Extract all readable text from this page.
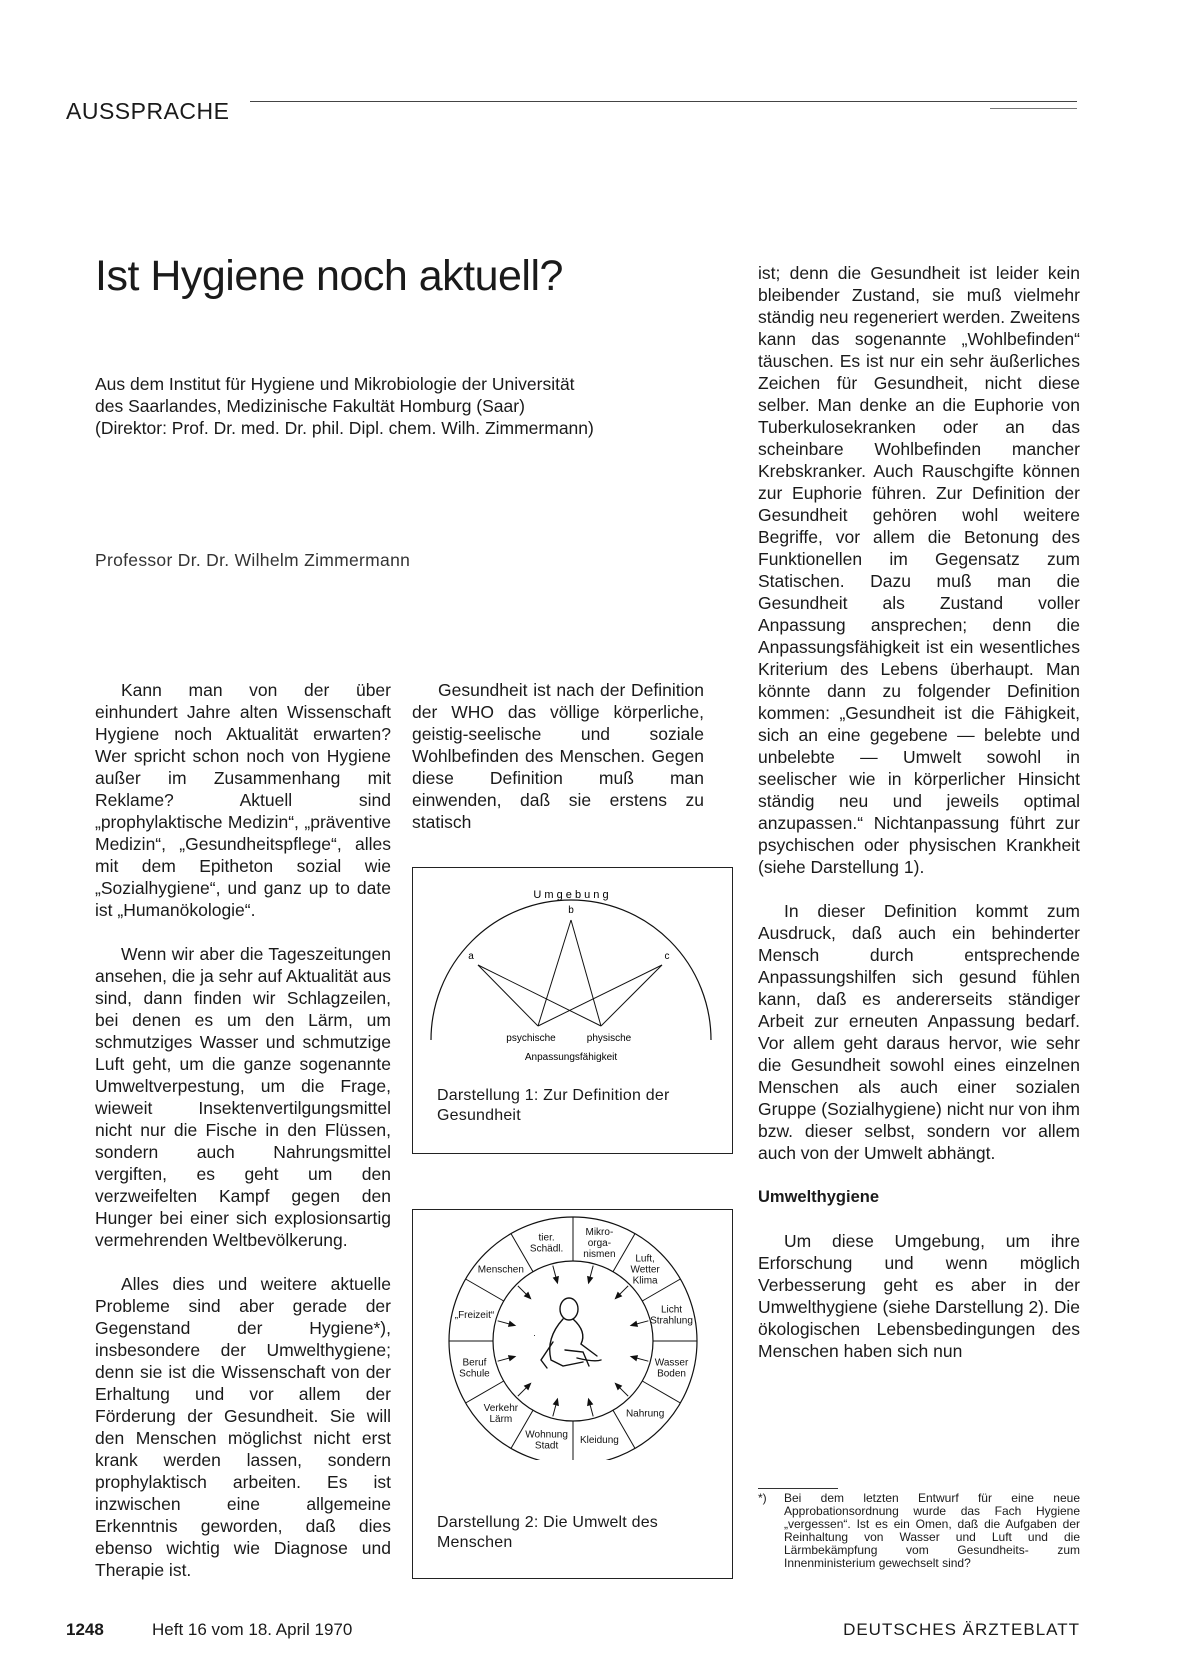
AUSSPRACHE
Ist Hygiene noch aktuell?
Aus dem Institut für Hygiene und Mikrobiologie der Universität
des Saarlandes, Medizinische Fakultät Homburg (Saar)
(Direktor: Prof. Dr. med. Dr. phil. Dipl. chem. Wilh. Zimmermann)
Professor Dr. Dr. Wilhelm Zimmermann

Kann man von der über einhundert Jahre alten Wissenschaft Hygiene noch Aktualität erwarten? Wer spricht schon noch von Hygiene außer im Zusammenhang mit Reklame? Aktuell sind „prophylaktische Medizin“, „präventive Medizin“, „Gesundheitspflege“, alles mit dem Epitheton sozial wie „Sozialhygiene“, und ganz up to date ist „Humanökologie“.

Wenn wir aber die Tageszeitungen ansehen, die ja sehr auf Aktualität aus sind, dann finden wir Schlagzeilen, bei denen es um den Lärm, um schmutziges Wasser und schmutzige Luft geht, um die ganze sogenannte Umweltverpestung, um die Frage, wieweit Insektenvertilgungsmittel nicht nur die Fische in den Flüssen, sondern auch Nahrungsmittel vergiften, es geht um den verzweifelten Kampf gegen den Hunger bei einer sich explosionsartig vermehrenden Weltbevölkerung.

Alles dies und weitere aktuelle Probleme sind aber gerade der Gegenstand der Hygiene*), insbesondere der Umwelthygiene; denn sie ist die Wissenschaft von der Erhaltung und vor allem der Förderung der Gesundheit. Sie will den Menschen möglichst nicht erst krank werden lassen, sondern prophylaktisch arbeiten. Es ist inzwischen eine allgemeine Erkenntnis geworden, daß dies ebenso wichtig wie Diagnose und Therapie ist.

Gesundheit ist nach der Definition der WHO das völlige körperliche, geistig-seelische und soziale Wohlbefinden des Menschen. Gegen diese Definition muß man einwenden, daß sie erstens zu statisch

U m g e b u n g
b
a	c
psychische	physische
Anpassungsfähigkeit
Darstellung 1: Zur Definition der
Gesundheit
Mikro-
orga-
nismen Luft,
Wetter
Klima
Licht
Strahlung
Wasser
Boden
Nahrung
Kleidung
Wohnung
Stadt
Verkehr
Lärm
Beruf
Schule
„Freizeit“
Menschen
tier.
Schädl.
·
Darstellung 2: Die Umwelt des
Menschen

ist; denn die Gesundheit ist leider kein bleibender Zustand, sie muß vielmehr ständig neu regeneriert werden. Zweitens kann das sogenannte „Wohlbefinden“ täuschen. Es ist nur ein sehr äußerliches Zeichen für Gesundheit, nicht diese selber. Man denke an die Euphorie von Tuberkulosekranken oder an das scheinbare Wohlbefinden mancher Krebskranker. Auch Rauschgifte können zur Euphorie führen. Zur Definition der Gesundheit gehören wohl weitere Begriffe, vor allem die Betonung des Funktionellen im Gegensatz zum Statischen. Dazu muß man die Gesundheit als Zustand voller Anpassung ansprechen; denn die Anpassungsfähigkeit ist ein wesentliches Kriterium des Lebens überhaupt. Man könnte dann zu folgender Definition kommen: „Gesundheit ist die Fähigkeit, sich an eine gegebene — belebte und unbelebte — Umwelt sowohl in seelischer wie in körperlicher Hinsicht ständig neu und jeweils optimal anzupassen.“ Nichtanpassung führt zur psychischen oder physischen Krankheit (siehe Darstellung 1).

In dieser Definition kommt zum Ausdruck, daß auch ein behinderter Mensch durch entsprechende Anpassungshilfen sich gesund fühlen kann, daß es andererseits ständiger Arbeit zur erneuten Anpassung bedarf. Vor allem geht daraus hervor, wie sehr die Gesundheit sowohl eines einzelnen Menschen als auch einer sozialen Gruppe (Sozialhygiene) nicht nur von ihm bzw. dieser selbst, sondern vor allem auch von der Umwelt abhängt.

Umwelthygiene

Um diese Umgebung, um ihre Erforschung und wenn möglich Verbesserung geht es aber in der Umwelthygiene (siehe Darstellung 2). Die ökologischen Lebensbedingungen des Menschen haben sich nun

*)	Bei dem letzten Entwurf für eine neue Approbationsordnung wurde das Fach Hygiene „vergessen“. Ist es ein Omen, daß die Aufgaben der Reinhaltung von Wasser und Luft und die Lärmbekämpfung vom Gesundheits- zum Innenministerium gewechselt sind?
1248	Heft 16 vom 18. April 1970	DEUTSCHES ÄRZTEBLATT
